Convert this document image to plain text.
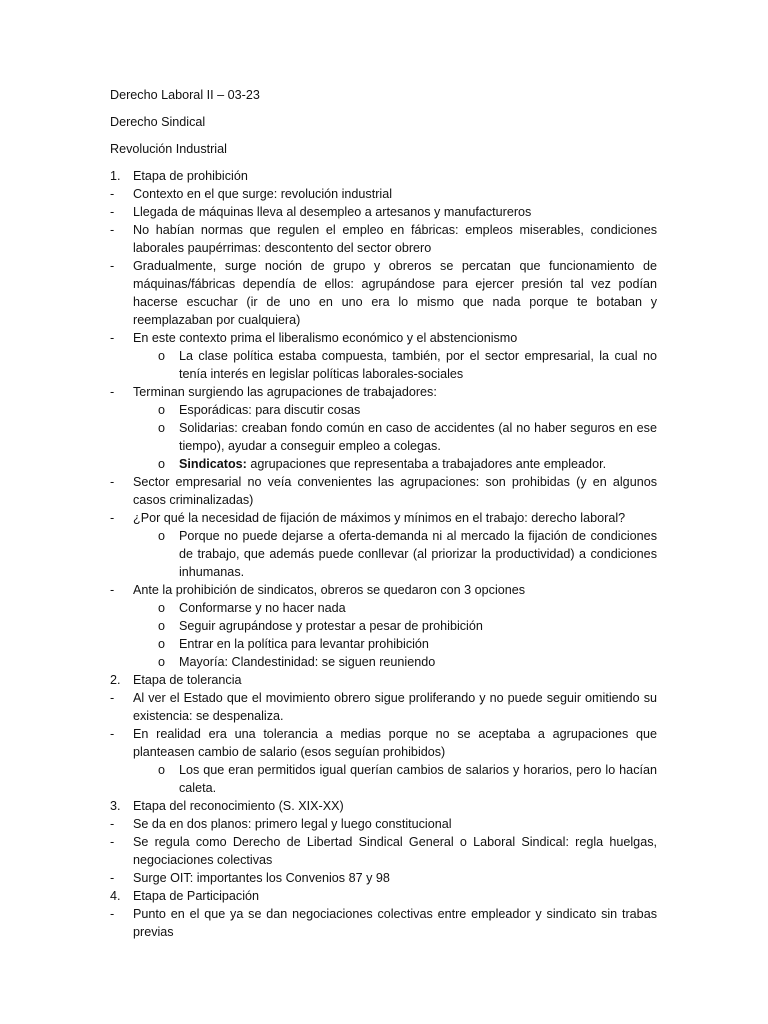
Derecho Laboral II – 03-23
Derecho Sindical
Revolución Industrial
1. Etapa de prohibición
- Contexto en el que surge: revolución industrial
- Llegada de máquinas lleva al desempleo a artesanos y manufactureros
- No habían normas que regulen el empleo en fábricas: empleos miserables, condiciones laborales paupérrimas: descontento del sector obrero
- Gradualmente, surge noción de grupo y obreros se percatan que funcionamiento de máquinas/fábricas dependía de ellos: agrupándose para ejercer presión tal vez podían hacerse escuchar (ir de uno en uno era lo mismo que nada porque te botaban y reemplazaban por cualquiera)
- En este contexto prima el liberalismo económico y el abstencionismo
o La clase política estaba compuesta, también, por el sector empresarial, la cual no tenía interés en legislar políticas laborales-sociales
- Terminan surgiendo las agrupaciones de trabajadores:
o Esporádicas: para discutir cosas
o Solidarias: creaban fondo común en caso de accidentes (al no haber seguros en ese tiempo), ayudar a conseguir empleo a colegas.
o Sindicatos: agrupaciones que representaba a trabajadores ante empleador.
- Sector empresarial no veía convenientes las agrupaciones: son prohibidas (y en algunos casos criminalizadas)
- ¿Por qué la necesidad de fijación de máximos y mínimos en el trabajo: derecho laboral?
o Porque no puede dejarse a oferta-demanda ni al mercado la fijación de condiciones de trabajo, que además puede conllevar (al priorizar la productividad) a condiciones inhumanas.
- Ante la prohibición de sindicatos, obreros se quedaron con 3 opciones
o Conformarse y no hacer nada
o Seguir agrupándose y protestar a pesar de prohibición
o Entrar en la política para levantar prohibición
o Mayoría: Clandestinidad: se siguen reuniendo
2. Etapa de tolerancia
- Al ver el Estado que el movimiento obrero sigue proliferando y no puede seguir omitiendo su existencia: se despenaliza.
- En realidad era una tolerancia a medias porque no se aceptaba a agrupaciones que planteasen cambio de salario (esos seguían prohibidos)
o Los que eran permitidos igual querían cambios de salarios y horarios, pero lo hacían caleta.
3. Etapa del reconocimiento (S. XIX-XX)
- Se da en dos planos: primero legal y luego constitucional
- Se regula como Derecho de Libertad Sindical General o Laboral Sindical: regla huelgas, negociaciones colectivas
- Surge OIT: importantes los Convenios 87 y 98
4. Etapa de Participación
- Punto en el que ya se dan negociaciones colectivas entre empleador y sindicato sin trabas previas
